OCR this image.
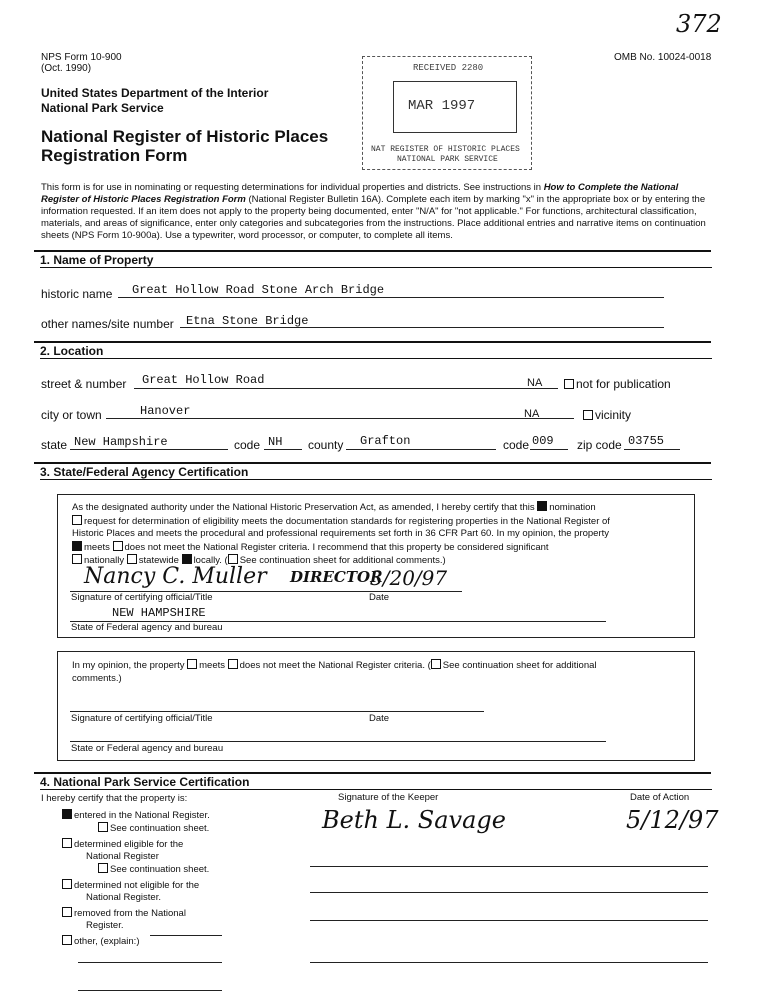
NPS Form 10-900
(Oct. 1990)
OMB No. 10024-0018
372
United States Department of the Interior
National Park Service
National Register of Historic Places
Registration Form
RECEIVED 2280
MAR 1997
NAT REGISTER OF HISTORIC PLACES
NATIONAL PARK SERVICE
This form is for use in nominating or requesting determinations for individual properties and districts. See instructions in How to Complete the National Register of Historic Places Registration Form (National Register Bulletin 16A). Complete each item by marking "x" in the appropriate box or by entering the information requested. If an item does not apply to the property being documented, enter "N/A" for "not applicable." For functions, architectural classification, materials, and areas of significance, enter only categories and subcategories from the instructions. Place additional entries and narrative items on continuation sheets (NPS Form 10-900a). Use a typewriter, word processor, or computer, to complete all items.
1. Name of Property
historic name Great Hollow Road Stone Arch Bridge
other names/site number Etna Stone Bridge
2. Location
street & number Great Hollow Road	NA	not for publication
city or town	Hanover	NA	vicinity
state New Hampshire	code NH county Grafton	code 009 zip code 03755
3. State/Federal Agency Certification
As the designated authority under the National Historic Preservation Act, as amended, I hereby certify that this nomination
request for determination of eligibility meets the documentation standards for registering properties in the National Register of
Historic Places and meets the procedural and professional requirements set forth in 36 CFR Part 60. In my opinion, the property
meets does not meet the National Register criteria. I recommend that this property be considered significant
nationally statewide locally. ( See continuation sheet for additional comments.)
Nancy C. Muller DIRECTOR
3/20/97
Signature of certifying official/Title	Date
NEW HAMPSHIRE
State of Federal agency and bureau
In my opinion, the property meets does not meet the National Register criteria. ( See continuation sheet for additional
comments.)
Signature of certifying official/Title	Date
State or Federal agency and bureau
4. National Park Service Certification
I hereby certify that the property is:
entered in the National Register.
See continuation sheet.
determined eligible for the
National Register
See continuation sheet.
determined not eligible for the
National Register.
removed from the National
Register.
other, (explain:)
Signature of the Keeper	Date of Action
Beth L. Savage	5/12/97
